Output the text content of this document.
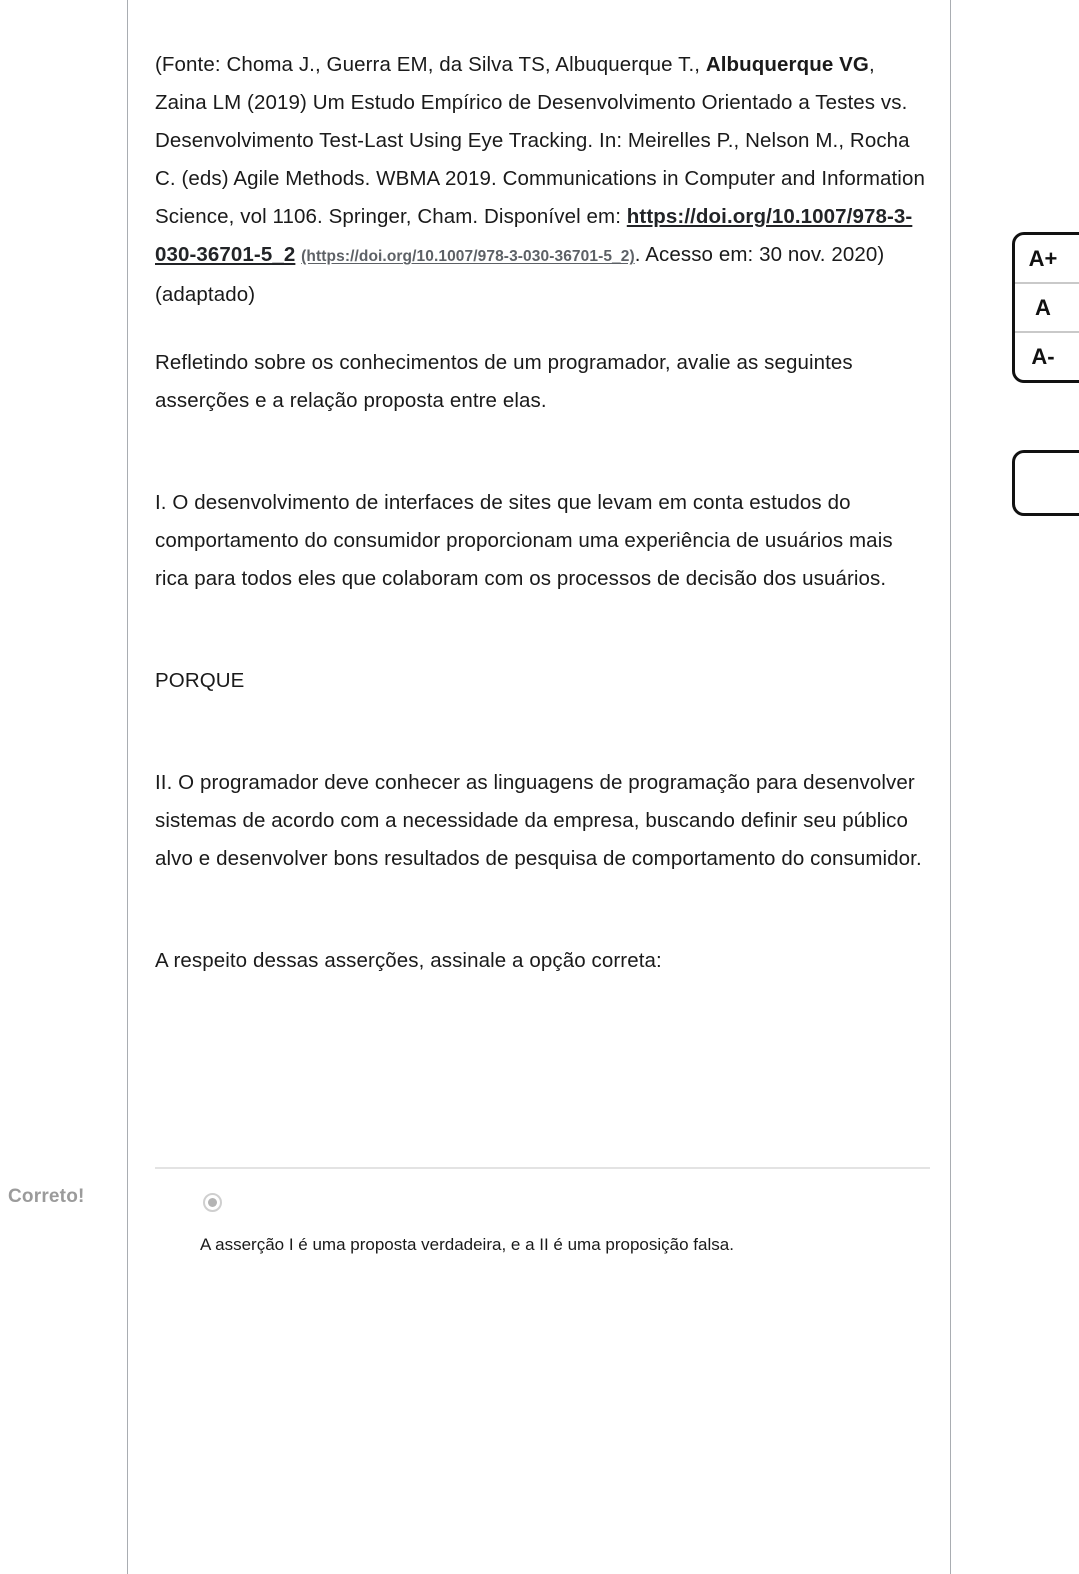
(Fonte: Choma J., Guerra EM, da Silva TS, Albuquerque T., Albuquerque VG, Zaina LM (2019) Um Estudo Empírico de Desenvolvimento Orientado a Testes vs. Desenvolvimento Test-Last Using Eye Tracking. In: Meirelles P., Nelson M., Rocha C. (eds) Agile Methods. WBMA 2019. Communications in Computer and Information Science, vol 1106. Springer, Cham. Disponível em: https://doi.org/10.1007/978-3-030-36701-5_2 (https://doi.org/10.1007/978-3-030-36701-5_2). Acesso em: 30 nov. 2020)
(adaptado)

Refletindo sobre os conhecimentos de um programador, avalie as seguintes asserções e a relação proposta entre elas.

I. O desenvolvimento de interfaces de sites que levam em conta estudos do comportamento do consumidor proporcionam uma experiência de usuários mais rica para todos eles que colaboram com os processos de decisão dos usuários.

PORQUE

II. O programador deve conhecer as linguagens de programação para desenvolver sistemas de acordo com a necessidade da empresa, buscando definir seu público alvo e desenvolver bons resultados de pesquisa de comportamento do consumidor.

A respeito dessas asserções, assinale a opção correta:

Correto!
A asserção I é uma proposta verdadeira, e a II é uma proposição falsa.
A+
A
A-
